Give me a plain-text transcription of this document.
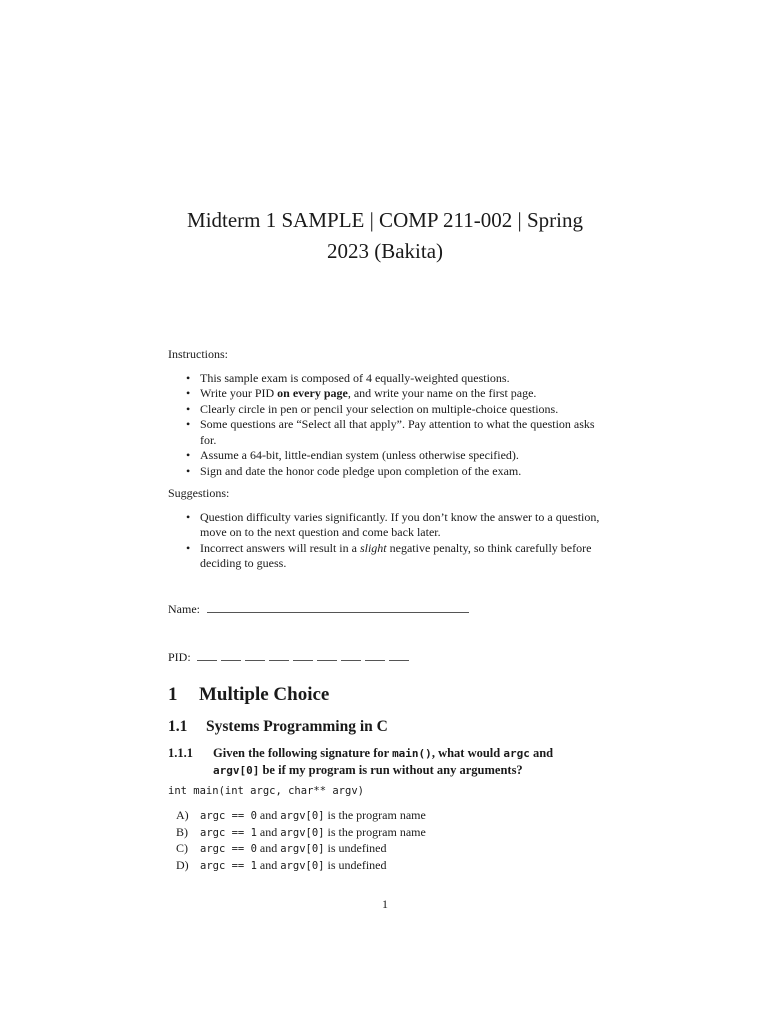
Midterm 1 SAMPLE | COMP 211-002 | Spring
2023 (Bakita)
Instructions:
• This sample exam is composed of 4 equally-weighted questions.
• Write your PID on every page, and write your name on the first page.
• Clearly circle in pen or pencil your selection on multiple-choice questions.
• Some questions are “Select all that apply”. Pay attention to what the question asks for.
• Assume a 64-bit, little-endian system (unless otherwise specified).
• Sign and date the honor code pledge upon completion of the exam.
Suggestions:
• Question difficulty varies significantly. If you don’t know the answer to a question, move on to the next question and come back later.
• Incorrect answers will result in a slight negative penalty, so think carefully before deciding to guess.
Name:
PID:
1 Multiple Choice
1.1 Systems Programming in C
1.1.1 Given the following signature for main(), what would argc and
argv[0] be if my program is run without any arguments?
int main(int argc, char** argv)
A) argc == 0 and argv[0] is the program name
B) argc == 1 and argv[0] is the program name
C) argc == 0 and argv[0] is undefined
D) argc == 1 and argv[0] is undefined
1
